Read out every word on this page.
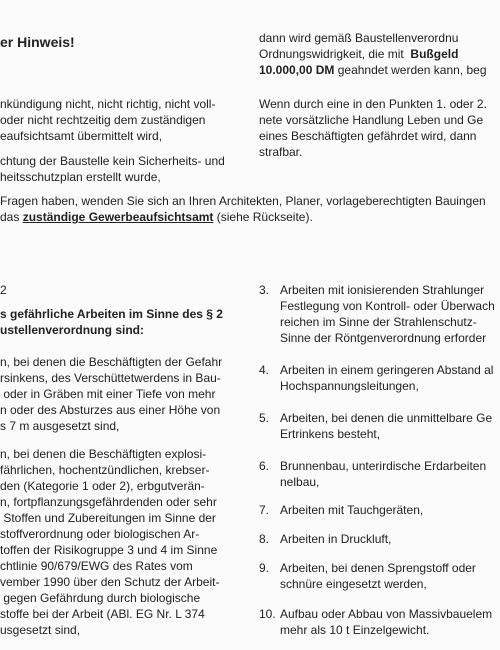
er Hinweis!	dann wird gemäß Baustellenverordnu
Ordnungswidrigkeit, die mit Bußgeld
10.000,00 DM geahndet werden kann, beg
nkündigung nicht, nicht richtig, nicht voll-
oder nicht rechtzeitig dem zuständigen
eaufsichtsamt übermittelt wird,
chtung der Baustelle kein Sicherheits- und
heitsschutzplan erstellt wurde,
Wenn durch eine in den Punkten 1. oder 2.
nete vorsätzliche Handlung Leben und Ge
eines Beschäftigten gefährdet wird, dann
strafbar.
Fragen haben, wenden Sie sich an Ihren Architekten, Planer, vorlageberechtigten Bauingen
das zuständige Gewerbeaufsichtsamt (siehe Rückseite).
2
s gefährliche Arbeiten im Sinne des § 2
ustellenverordnung sind:
n, bei denen die Beschäftigten der Gefahr
rsinkens, des Verschüttetwerdens in Bau-
oder in Gräben mit einer Tiefe von mehr
n oder des Absturzes aus einer Höhe von
s 7 m ausgesetzt sind,
n, bei denen die Beschäftigten explosi-
fährlichen, hochentzündlichen, krebser-
den (Kategorie 1 oder 2), erbgutverän-
n, fortpflanzungsgefährdenden oder sehr
Stoffen und Zubereitungen im Sinne der
stoffverordnung oder biologischen Ar-
toffen der Risikogruppe 3 und 4 im Sinne
chtlinie 90/679/EWG des Rates vom
vember 1990 über den Schutz der Arbeit-
gegen Gefährdung durch biologische
stoffe bei der Arbeit (ABl. EG Nr. L 374
usgesetzt sind,
3. Arbeiten mit ionisierenden Strahlunger
Festlegung von Kontroll- oder Überwach
reichen im Sinne der Strahlenschutz-
Sinne der Röntgenverordnung erforder
4. Arbeiten in einem geringeren Abstand al
Hochspannungsleitungen,
5. Arbeiten, bei denen die unmittelbare Ge
Ertrinkens besteht,
6. Brunnenbau, unterirdische Erdarbeiten
nelbau,
7. Arbeiten mit Tauchgeräten,
8. Arbeiten in Druckluft,
9. Arbeiten, bei denen Sprengstoff oder
schnüre eingesetzt werden,
10. Aufbau oder Abbau von Massivbauelem
mehr als 10 t Einzelgewicht.
